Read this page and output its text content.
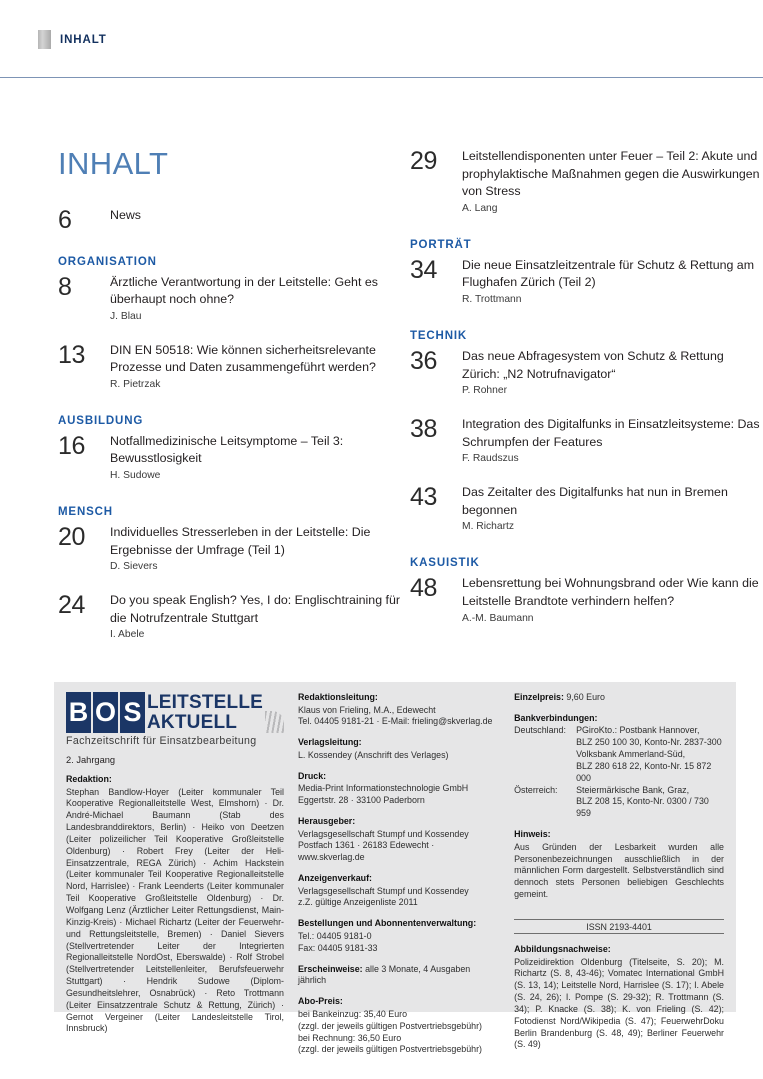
INHALT
INHALT
6	News
ORGANISATION
8	Ärztliche Verantwortung in der Leitstelle: Geht es überhaupt noch ohne?
J. Blau
13	DIN EN 50518: Wie können sicherheitsrelevante Prozesse und Daten zusammengeführt werden?
R. Pietrzak
AUSBILDUNG
16	Notfallmedizinische Leitsymptome – Teil 3: Bewusstlosigkeit
H. Sudowe
MENSCH
20	Individuelles Stresserleben in der Leitstelle: Die Ergebnisse der Umfrage (Teil 1)
D. Sievers
24	Do you speak English? Yes, I do: Englischtraining für die Notrufzentrale Stuttgart
I. Abele
29	Leitstellendisponenten unter Feuer – Teil 2: Akute und prophylaktische Maßnahmen gegen die Auswirkungen von Stress
A. Lang
PORTRÄT
34	Die neue Einsatzleitzentrale für Schutz & Rettung am Flughafen Zürich (Teil 2)
R. Trottmann
TECHNIK
36	Das neue Abfragesystem von Schutz & Rettung Zürich: „N2 Notrufnavigator“
P. Rohner
38	Integration des Digitalfunks in Einsatzleitsysteme: Das Schrumpfen der Features
F. Raudszus
43	Das Zeitalter des Digitalfunks hat nun in Bremen begonnen
M. Richartz
KASUISTIK
48	Lebensrettung bei Wohnungsbrand oder Wie kann die Leitstelle Brandtote verhindern helfen?
A.-M. Baumann
B O S LEITSTELLE
AKTUELL
Fachzeitschrift für Einsatzbearbeitung
2. Jahrgang
Redaktion:
Stephan Bandlow-Hoyer (Leiter kommunaler Teil Kooperative Regionalleitstelle West, Elmshorn) · Dr. André-Michael Baumann (Stab des Landesbranddirektors, Berlin) · Heiko von Deetzen (Leiter polizeilicher Teil Kooperative Großleitstelle Oldenburg) · Robert Frey (Leiter der Heli-Einsatzzentrale, REGA Zürich) · Achim Hackstein (Leiter kommunaler Teil Kooperative Regionalleitstelle Nord, Harrislee) · Frank Leenderts (Leiter kommunaler Teil Kooperative Großleitstelle Oldenburg) · Dr. Wolfgang Lenz (Ärztlicher Leiter Rettungsdienst, Main-Kinzig-Kreis) · Michael Richartz (Leiter der Feuerwehr- und Rettungsleitstelle, Bremen) · Daniel Sievers (Stellvertretender Leiter der Integrierten Regionalleitstelle NordOst, Eberswalde) · Rolf Strobel (Stellvertretender Leitstellenleiter, Berufsfeuerwehr Stuttgart) · Hendrik Sudowe (Diplom-Gesundheitslehrer, Osnabrück) · Reto Trottmann (Leiter Einsatzzentrale Schutz & Rettung, Zürich) · Gernot Vergeiner (Leiter Landesleitstelle Tirol, Innsbruck)
Redaktionsleitung:
Klaus von Frieling, M.A., Edewecht
Tel. 04405 9181-21 · E-Mail: frieling@skverlag.de
Verlagsleitung:
L. Kossendey (Anschrift des Verlages)
Druck:
Media-Print Informationstechnologie GmbH
Eggertstr. 28 · 33100 Paderborn
Herausgeber:
Verlagsgesellschaft Stumpf und Kossendey
Postfach 1361 · 26183 Edewecht · www.skverlag.de
Anzeigenverkauf:
Verlagsgesellschaft Stumpf und Kossendey
z.Z. gültige Anzeigenliste 2011
Bestellungen und Abonnentenverwaltung:
Tel.: 04405 9181-0
Fax: 04405 9181-33
Erscheinweise: alle 3 Monate, 4 Ausgaben jährlich
Abo-Preis:
bei Bankeinzug: 35,40 Euro
(zzgl. der jeweils gültigen Postvertriebsgebühr)
bei Rechnung: 36,50 Euro
(zzgl. der jeweils gültigen Postvertriebsgebühr)
Einzelpreis: 9,60 Euro
Bankverbindungen:
Deutschland:	PGiroKto.: Postbank Hannover,
BLZ 250 100 30, Konto-Nr. 2837-300
Volksbank Ammerland-Süd,
BLZ 280 618 22, Konto-Nr. 15 872 000
Österreich:	Steiermärkische Bank, Graz,
BLZ 208 15, Konto-Nr. 0300 / 730 959
Hinweis:
Aus Gründen der Lesbarkeit wurden alle Personenbezeichnungen ausschließlich in der männlichen Form dargestellt. Selbstverständlich sind dennoch stets Personen beliebigen Geschlechts gemeint.
ISSN 2193-4401
Abbildungsnachweise:
Polizeidirektion Oldenburg (Titelseite, S. 20); M. Richartz (S. 8, 43-46); Vomatec International GmbH (S. 13, 14); Leitstelle Nord, Harrislee (S. 17); I. Abele (S. 24, 26); I. Pompe (S. 29-32); R. Trottmann (S. 34); P. Knacke (S. 38); K. von Frieling (S. 42); Fotodienst Nord/Wikipedia (S. 47); FeuerwehrDoku Berlin Brandenburg (S. 48, 49); Berliner Feuerwehr (S. 49)
